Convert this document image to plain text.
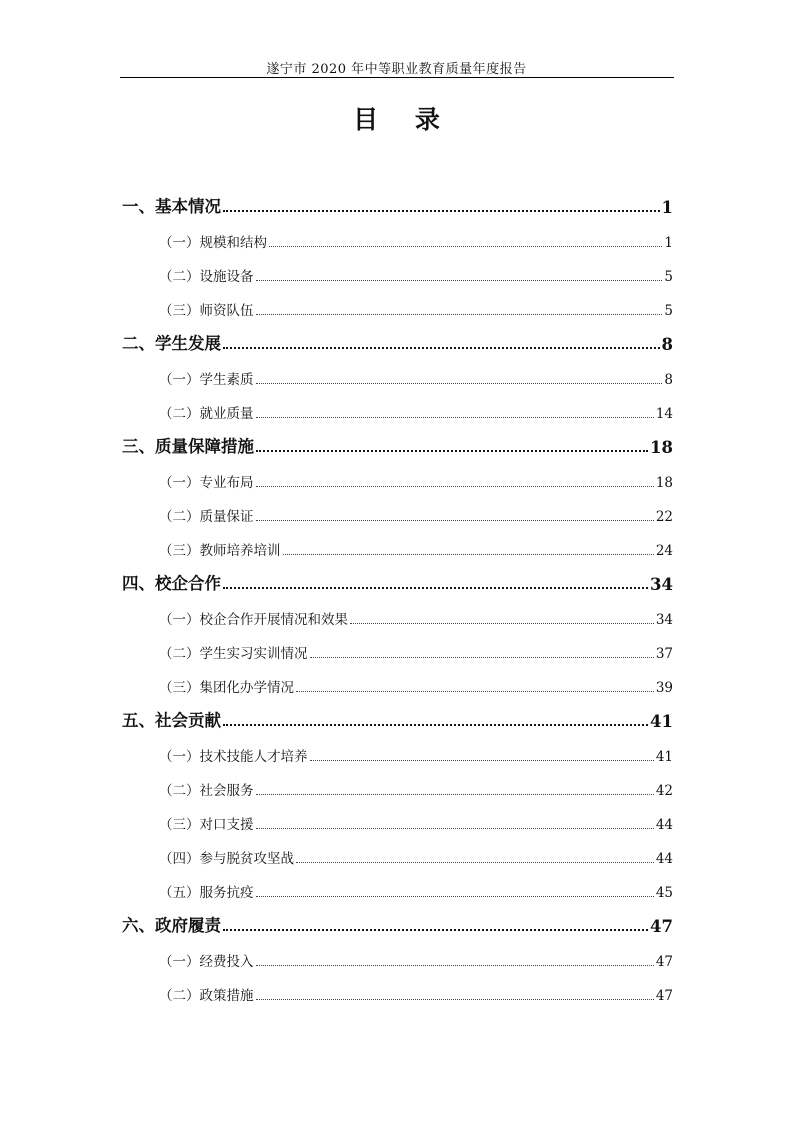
遂宁市 2020 年中等职业教育质量年度报告
目 录
一、基本情况	1
（一）规模和结构	1
（二）设施设备	5
（三）师资队伍	5
二、学生发展	8
（一）学生素质	8
（二）就业质量	14
三、质量保障措施	18
（一）专业布局	18
（二）质量保证	22
（三）教师培养培训	24
四、校企合作	34
（一）校企合作开展情况和效果	34
（二）学生实习实训情况	37
（三）集团化办学情况	39
五、社会贡献	41
（一）技术技能人才培养	41
（二）社会服务	42
（三）对口支援	44
（四）参与脱贫攻坚战	44
（五）服务抗疫	45
六、政府履责	47
（一）经费投入	47
（二）政策措施	47
